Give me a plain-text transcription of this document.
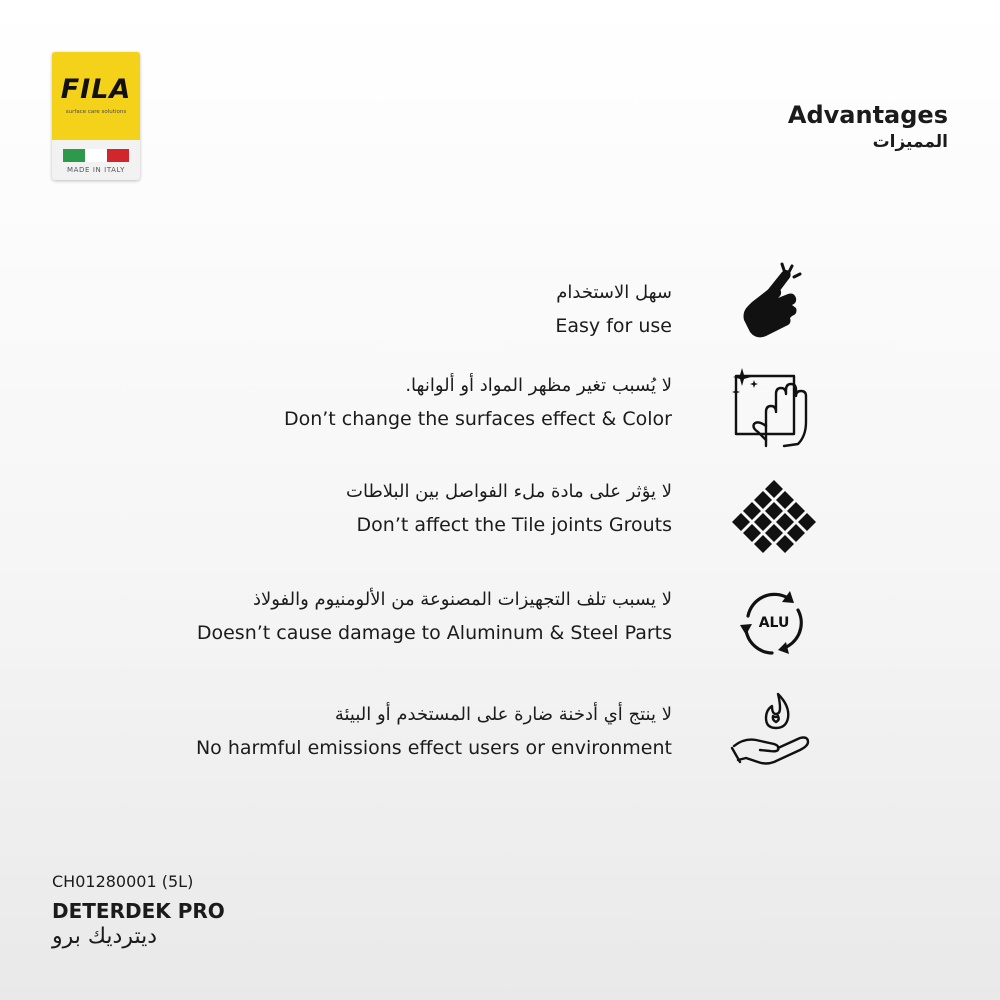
FILA
surface care solutions
MADE IN ITALY
Advantages
المميزات
سهل الاستخدام
Easy for use
لا يُسبب تغير مظهر المواد أو ألوانها.
Don’t change the surfaces effect & Color
لا يؤثر على مادة ملء الفواصل بين البلاطات
Don’t affect the Tile joints Grouts
لا يسبب تلف التجهيزات المصنوعة من الألومنيوم والفولاذ
Doesn’t cause damage to Aluminum & Steel Parts	ALU
لا ينتج أي أدخنة ضارة على المستخدم أو البيئة
No harmful emissions effect users or environment
CH01280001 (5L)
DETERDEK PRO
ديترديك برو
